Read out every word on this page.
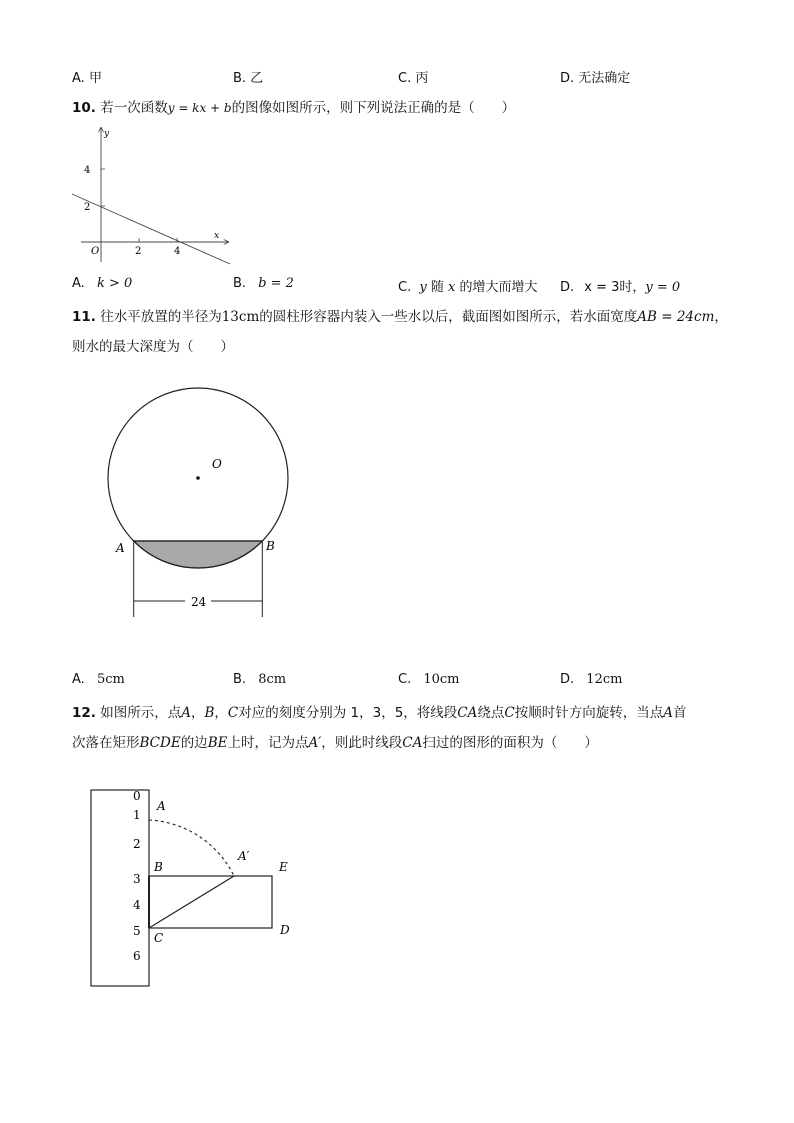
A. 甲	B. 乙	C. 丙	D. 无法确定
10. 若一次函数y = kx + b的图像如图所示，则下列说法正确的是（　　）
y
x
4
2
O	2	4
A. k > 0	B. b = 2	C. y 随 x 的增大而增大 D. x = 3时，y = 0
11. 往水平放置的半径为13cm的圆柱形容器内装入一些水以后，截面图如图所示，若水面宽度AB = 24cm，
则水的最大深度为（　　）
O
A	B
24
A. 5cm	B. 8cm	C. 10cm	D. 12cm
12. 如图所示，点A，B，C对应的刻度分别为 1，3，5，将线段CA绕点C按顺时针方向旋转，当点A首
次落在矩形BCDE的边BE上时，记为点A′，则此时线段CA扫过的图形的面积为（　　）
0
1
2
3
4
5
6
A
B
C
D
E
A′
